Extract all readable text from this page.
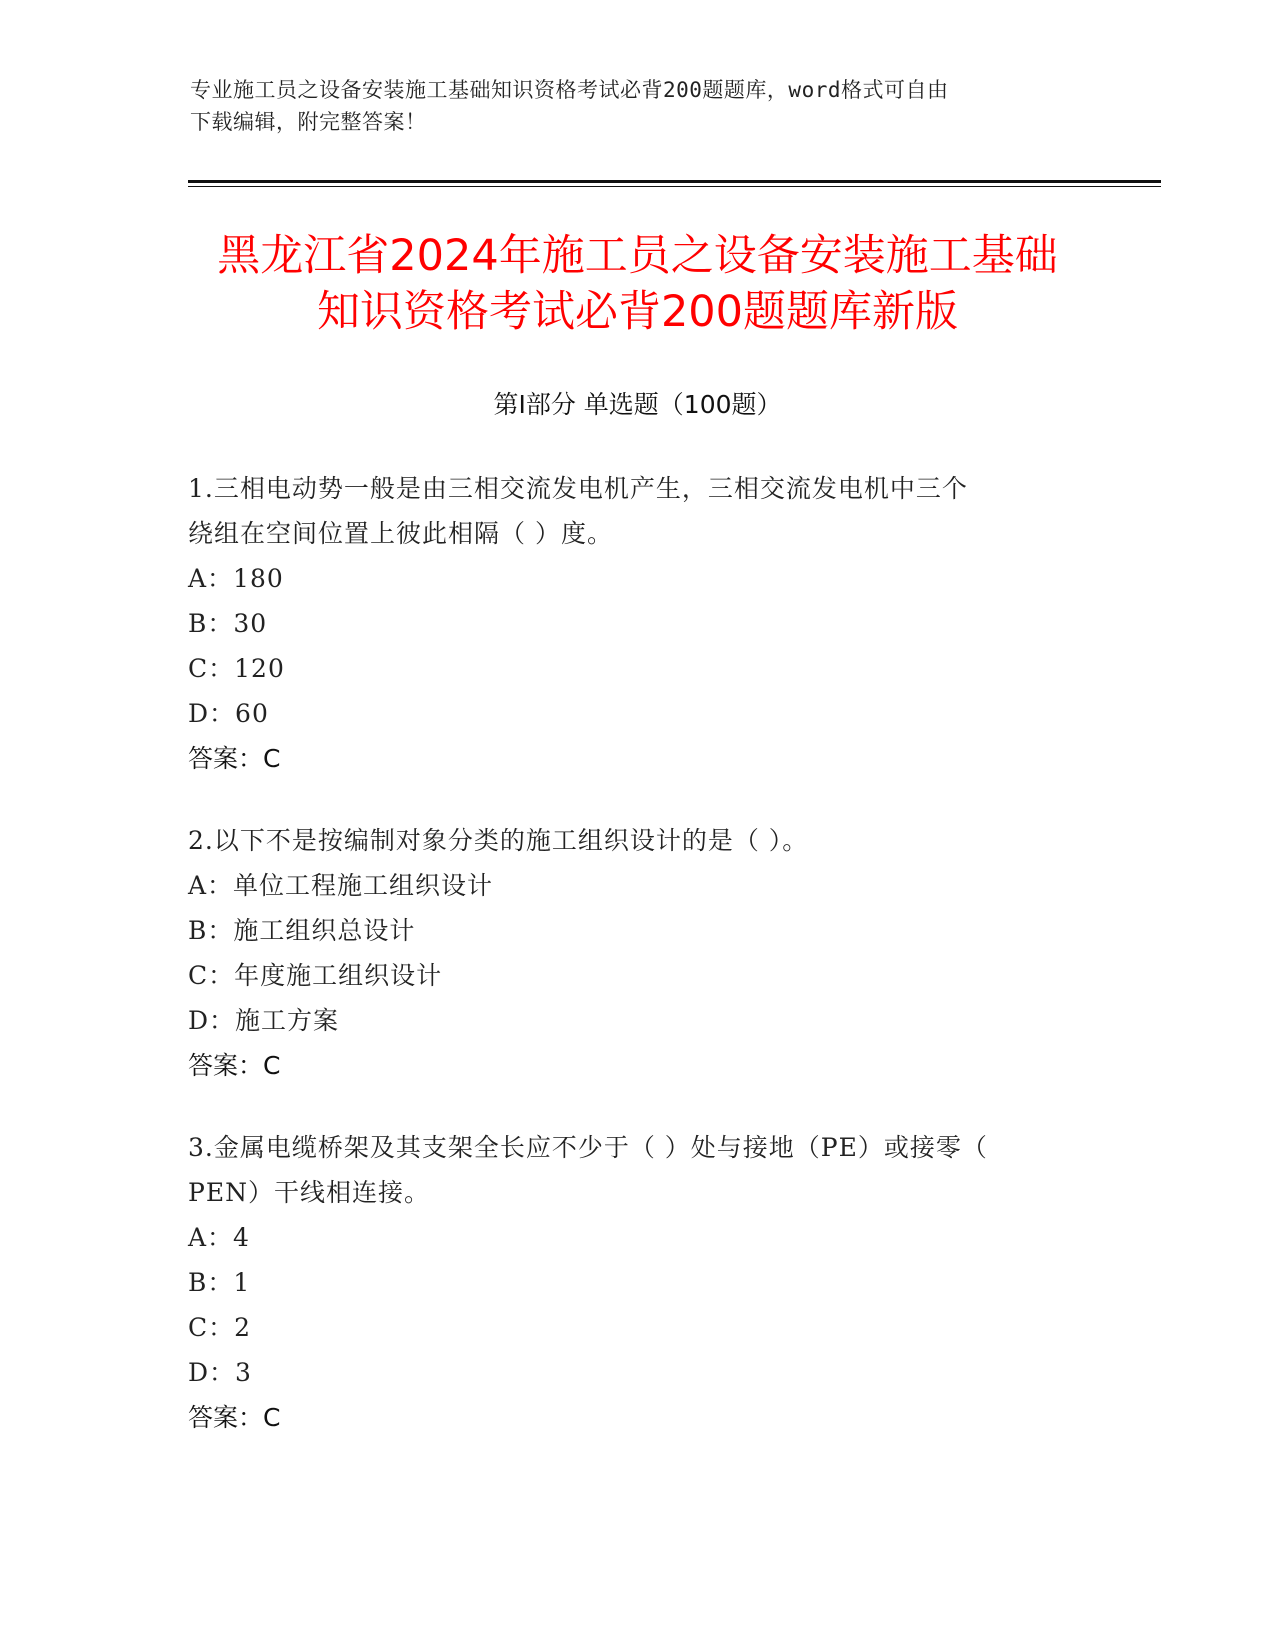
专业施工员之设备安装施工基础知识资格考试必背200题题库，word格式可自由
下载编辑，附完整答案！
黑龙江省2024年施工员之设备安装施工基础
知识资格考试必背200题题库新版
第Ⅰ部分 单选题（100题）
1.三相电动势一般是由三相交流发电机产生，三相交流发电机中三个
绕组在空间位置上彼此相隔（ ）度。
A：180
B：30
C：120
D：60
答案：C
2.以下不是按编制对象分类的施工组织设计的是（ ）。
A：单位工程施工组织设计
B：施工组织总设计
C：年度施工组织设计
D：施工方案
答案：C
3.金属电缆桥架及其支架全长应不少于（ ）处与接地（PE）或接零（
PEN）干线相连接。
A：4
B：1
C：2
D：3
答案：C
